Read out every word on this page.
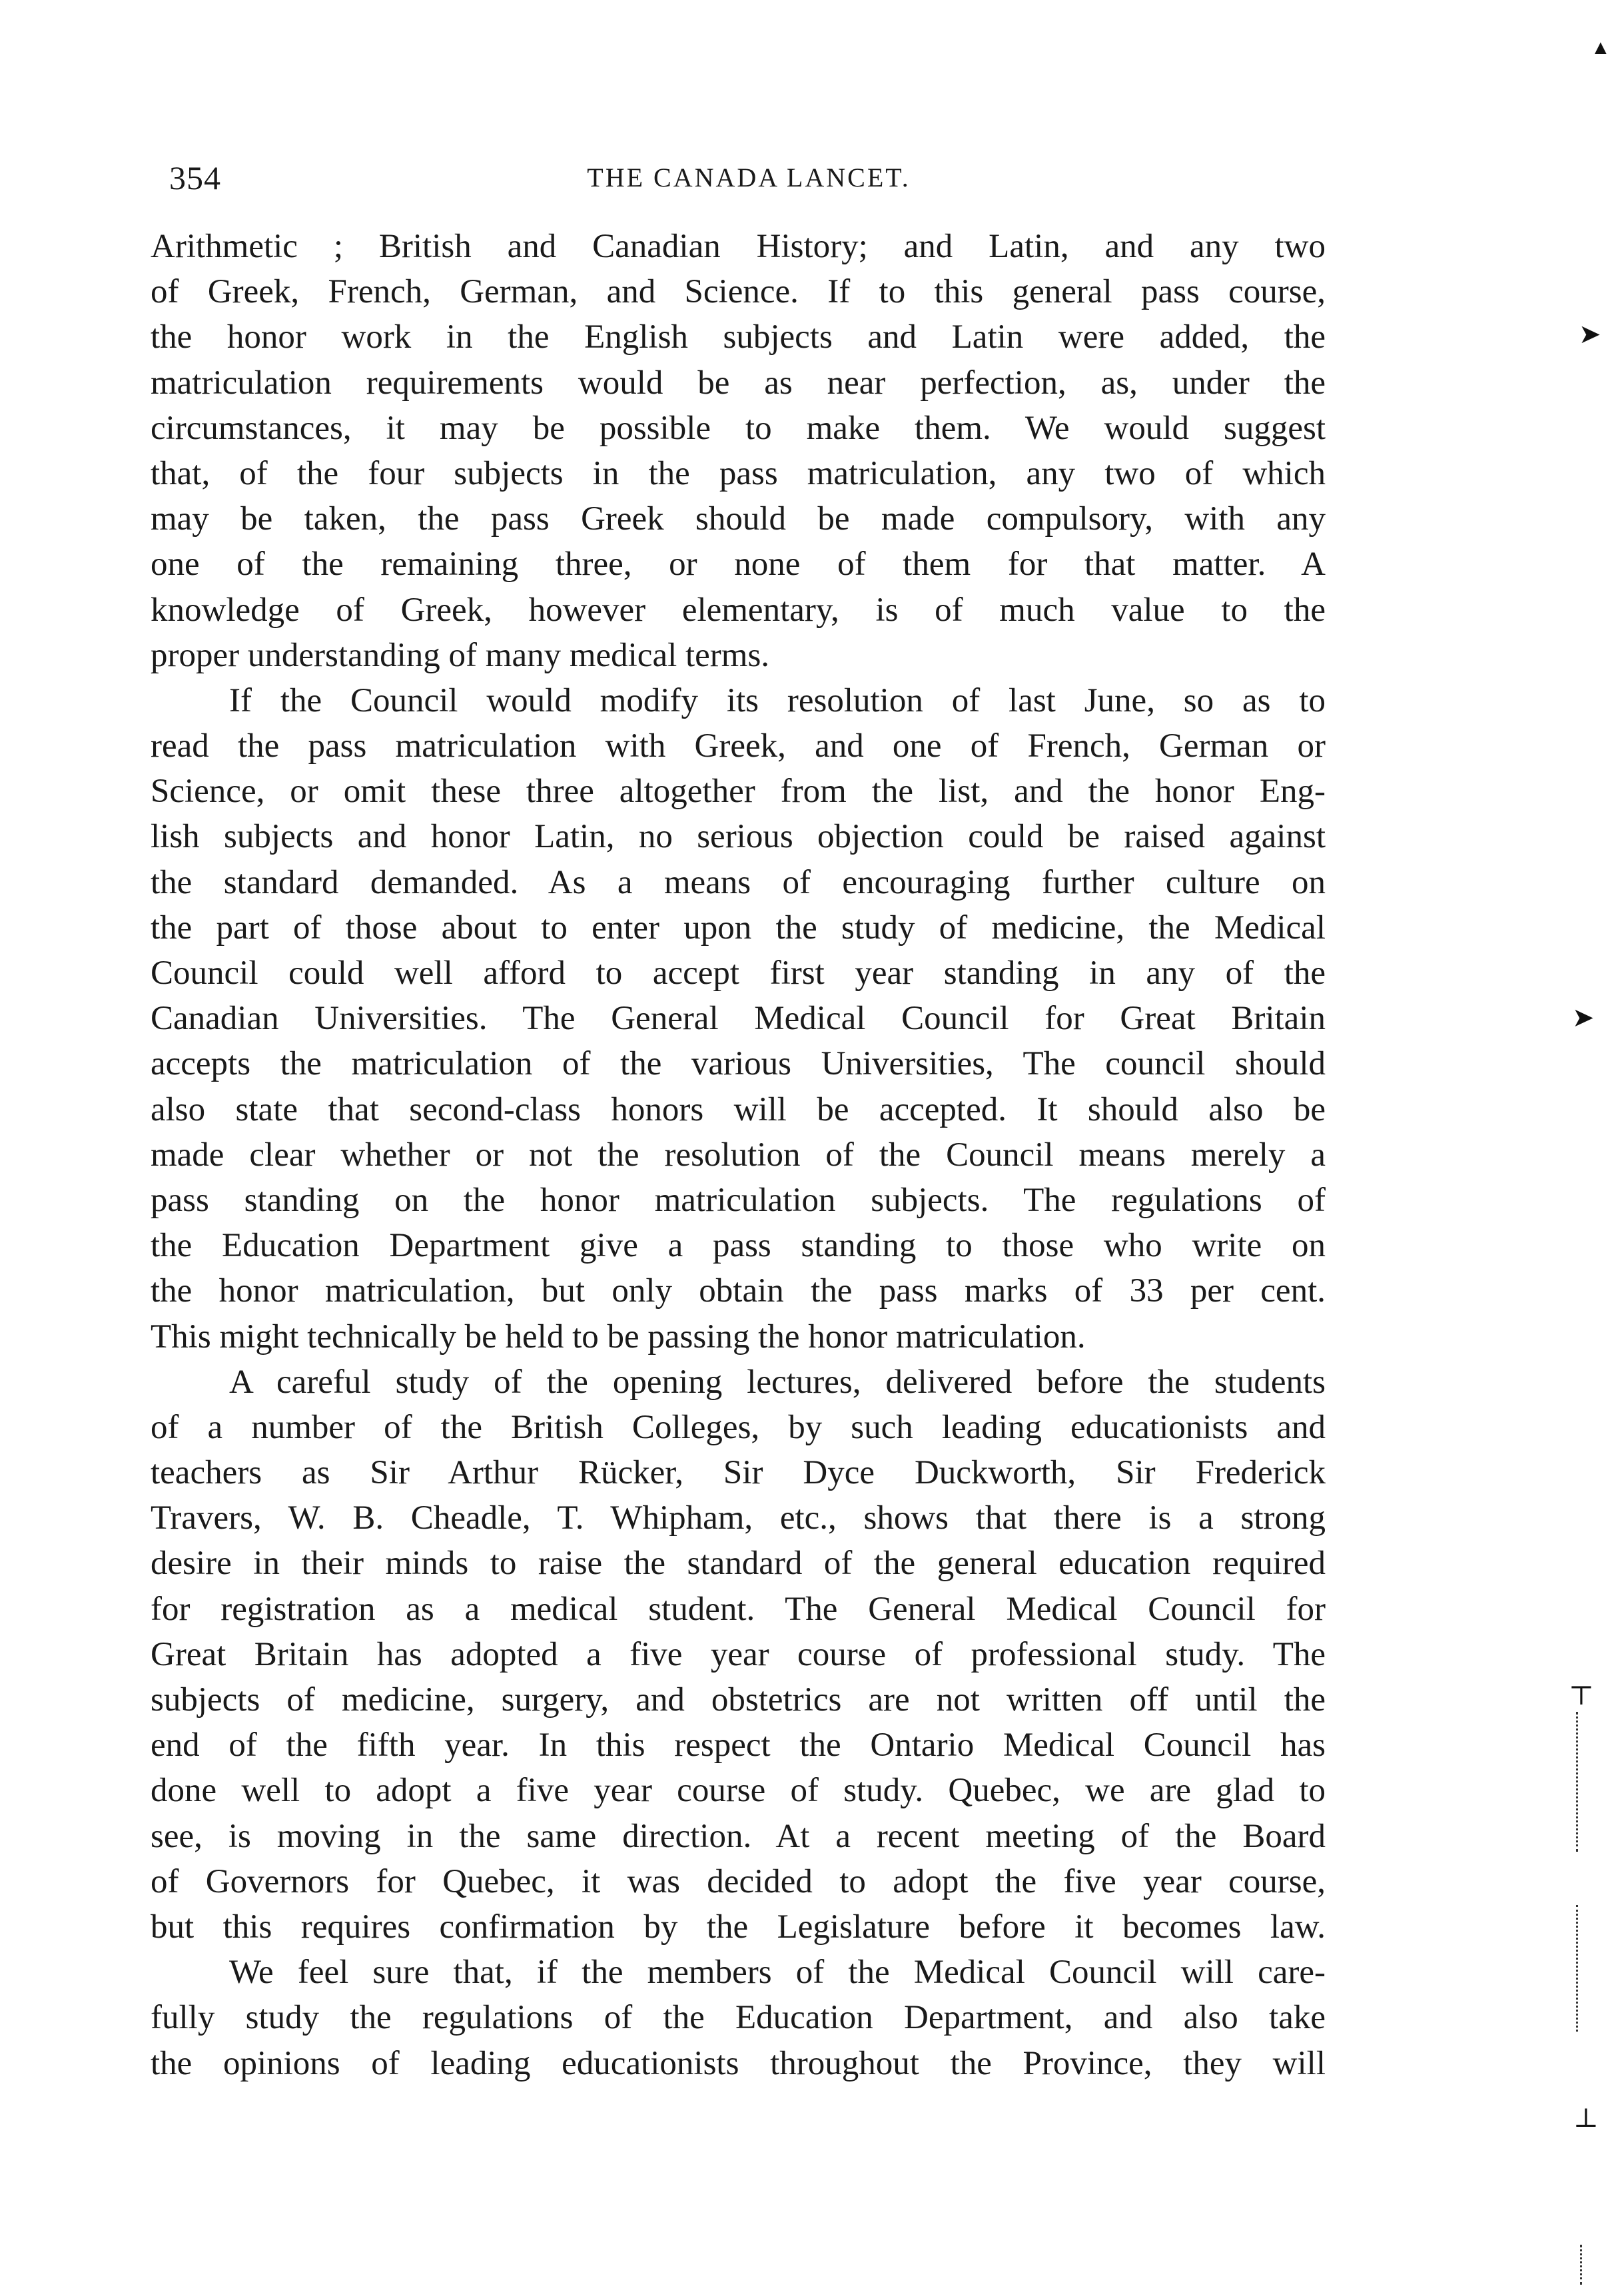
354	THE CANADA LANCET.
Arithmetic ; British and Canadian History; and Latin, and any two
of Greek, French, German, and Science. If to this general pass course,
the honor work in the English subjects and Latin were added, the
matriculation requirements would be as near perfection, as, under the
circumstances, it may be possible to make them. We would suggest
that, of the four subjects in the pass matriculation, any two of which
may be taken, the pass Greek should be made compulsory, with any
one of the remaining three, or none of them for that matter. A
knowledge of Greek, however elementary, is of much value to the
proper understanding of many medical terms.
If the Council would modify its resolution of last June, so as to
read the pass matriculation with Greek, and one of French, German or
Science, or omit these three altogether from the list, and the honor Eng-
lish subjects and honor Latin, no serious objection could be raised against
the standard demanded. As a means of encouraging further culture on
the part of those about to enter upon the study of medicine, the Medical
Council could well afford to accept first year standing in any of the
Canadian Universities. The General Medical Council for Great Britain
accepts the matriculation of the various Universities, The council should
also state that second-class honors will be accepted. It should also be
made clear whether or not the resolution of the Council means merely a
pass standing on the honor matriculation subjects. The regulations of
the Education Department give a pass standing to those who write on
the honor matriculation, but only obtain the pass marks of 33 per cent.
This might technically be held to be passing the honor matriculation.
A careful study of the opening lectures, delivered before the students
of a number of the British Colleges, by such leading educationists and
teachers as Sir Arthur Rücker, Sir Dyce Duckworth, Sir Frederick
Travers, W. B. Cheadle, T. Whipham, etc., shows that there is a strong
desire in their minds to raise the standard of the general education required
for registration as a medical student. The General Medical Council for
Great Britain has adopted a five year course of professional study. The
subjects of medicine, surgery, and obstetrics are not written off until the
end of the fifth year. In this respect the Ontario Medical Council has
done well to adopt a five year course of study. Quebec, we are glad to
see, is moving in the same direction. At a recent meeting of the Board
of Governors for Quebec, it was decided to adopt the five year course,
but this requires confirmation by the Legislature before it becomes law.
We feel sure that, if the members of the Medical Council will care-
fully study the regulations of the Education Department, and also take
the opinions of leading educationists throughout the Province, they will
▲
➤
➤
⊤
⊥
